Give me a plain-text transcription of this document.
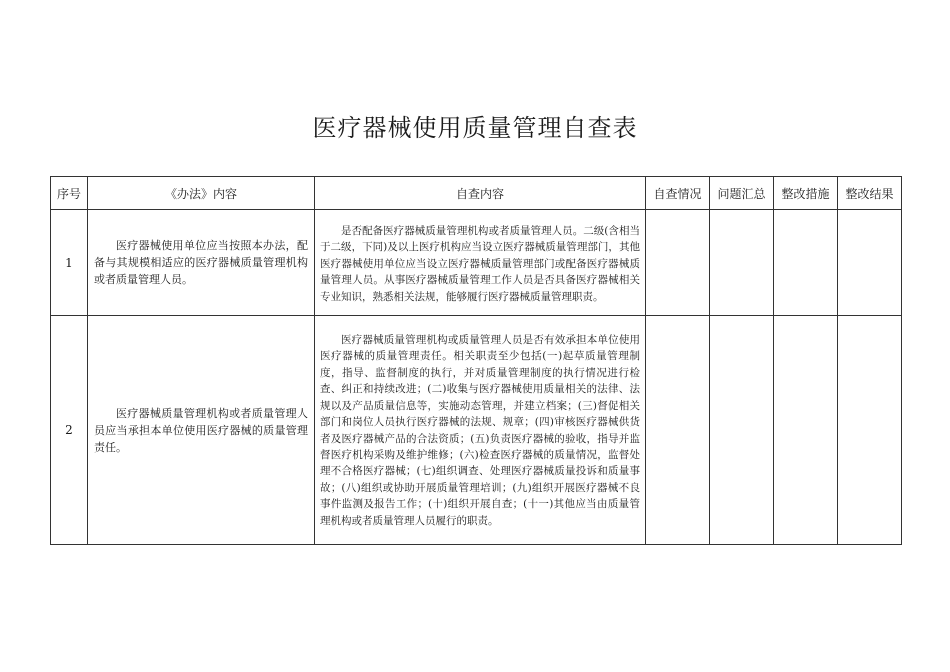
医疗器械使用质量管理自查表
序号	《办法》内容	自查内容	自查情况	问题汇总	整改措施	整改结果
1	医疗器械使用单位应当按照本办法，配备与其规模相适应的医疗器械质量管理机构或者质量管理人员。	是否配备医疗器械质量管理机构或者质量管理人员。二级(含相当于二级，下同)及以上医疗机构应当设立医疗器械质量管理部门，其他医疗器械使用单位应当设立医疗器械质量管理部门或配备医疗器械质量管理人员。从事医疗器械质量管理工作人员是否具备医疗器械相关专业知识，熟悉相关法规，能够履行医疗器械质量管理职责。				
2	医疗器械质量管理机构或者质量管理人员应当承担本单位使用医疗器械的质量管理责任。	医疗器械质量管理机构或质量管理人员是否有效承担本单位使用医疗器械的质量管理责任。相关职责至少包括(一)起草质量管理制度，指导、监督制度的执行，并对质量管理制度的执行情况进行检查、纠正和持续改进；(二)收集与医疗器械使用质量相关的法律、法规以及产品质量信息等，实施动态管理，并建立档案；(三)督促相关部门和岗位人员执行医疗器械的法规、规章；(四)审核医疗器械供货者及医疗器械产品的合法资质；(五)负责医疗器械的验收，指导并监督医疗机构采购及维护维修；(六)检查医疗器械的质量情况，监督处理不合格医疗器械；(七)组织调查、处理医疗器械质量投诉和质量事故；(八)组织或协助开展质量管理培训；(九)组织开展医疗器械不良事件监测及报告工作；(十)组织开展自查；(十一)其他应当由质量管理机构或者质量管理人员履行的职责。				
